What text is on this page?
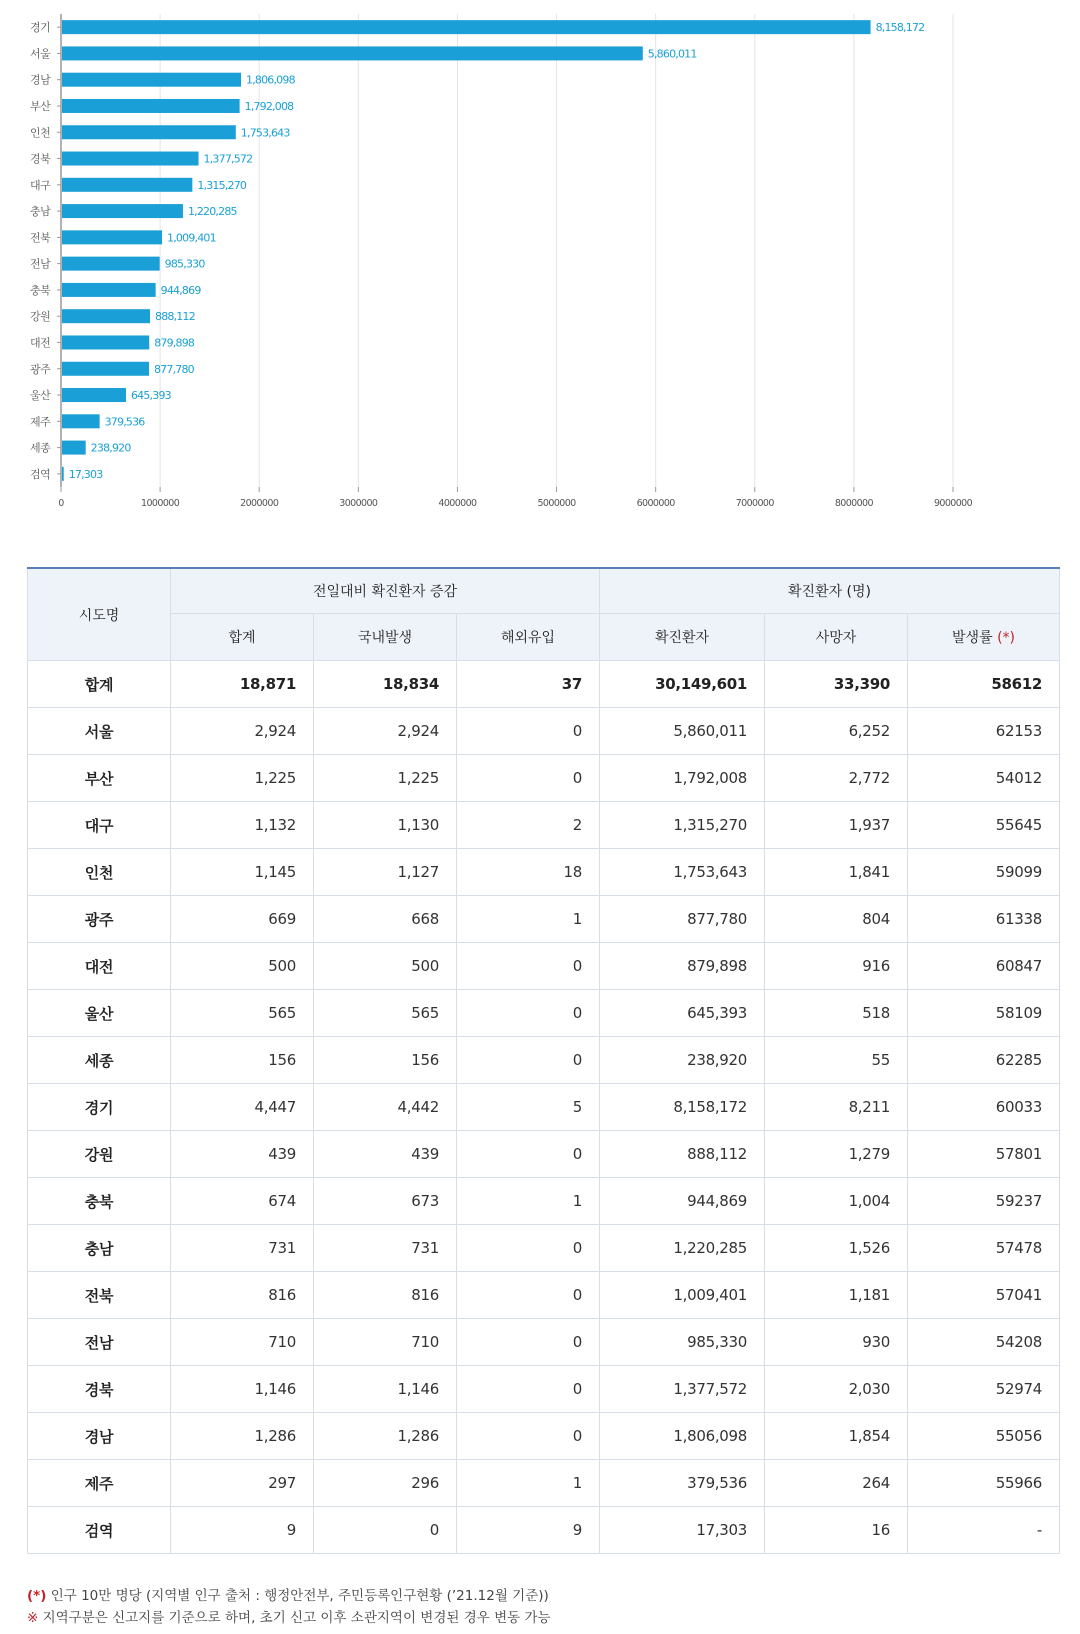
0	1000000	2000000	3000000	4000000	5000000	6000000	7000000	8000000	9000000
경기	8,158,172
서울	5,860,011
경남	1,806,098
부산	1,792,008
인천	1,753,643
경북	1,377,572
대구	1,315,270
충남	1,220,285
전북	1,009,401
전남	985,330
충북	944,869
강원	888,112
대전	879,898
광주	877,780
울산	645,393
제주	379,536
세종	238,920
검역 17,303
시도명	전일대비 확진환자 증감			확진환자 (명)		
	합계	국내발생	해외유입	확진환자	사망자	발생률 (*)
합계	18,871	18,834	37	30,149,601	33,390	58612
서울	2,924	2,924	0	5,860,011	6,252	62153
부산	1,225	1,225	0	1,792,008	2,772	54012
대구	1,132	1,130	2	1,315,270	1,937	55645
인천	1,145	1,127	18	1,753,643	1,841	59099
광주	669	668	1	877,780	804	61338
대전	500	500	0	879,898	916	60847
울산	565	565	0	645,393	518	58109
세종	156	156	0	238,920	55	62285
경기	4,447	4,442	5	8,158,172	8,211	60033
강원	439	439	0	888,112	1,279	57801
충북	674	673	1	944,869	1,004	59237
충남	731	731	0	1,220,285	1,526	57478
전북	816	816	0	1,009,401	1,181	57041
전남	710	710	0	985,330	930	54208
경북	1,146	1,146	0	1,377,572	2,030	52974
경남	1,286	1,286	0	1,806,098	1,854	55056
제주	297	296	1	379,536	264	55966
검역	9	0	9	17,303	16	-
(*) 인구 10만 명당 (지역별 인구 출처 : 행정안전부, 주민등록인구현황 (’21.12월 기준))
※ 지역구분은 신고지를 기준으로 하며, 초기 신고 이후 소관지역이 변경된 경우 변동 가능
